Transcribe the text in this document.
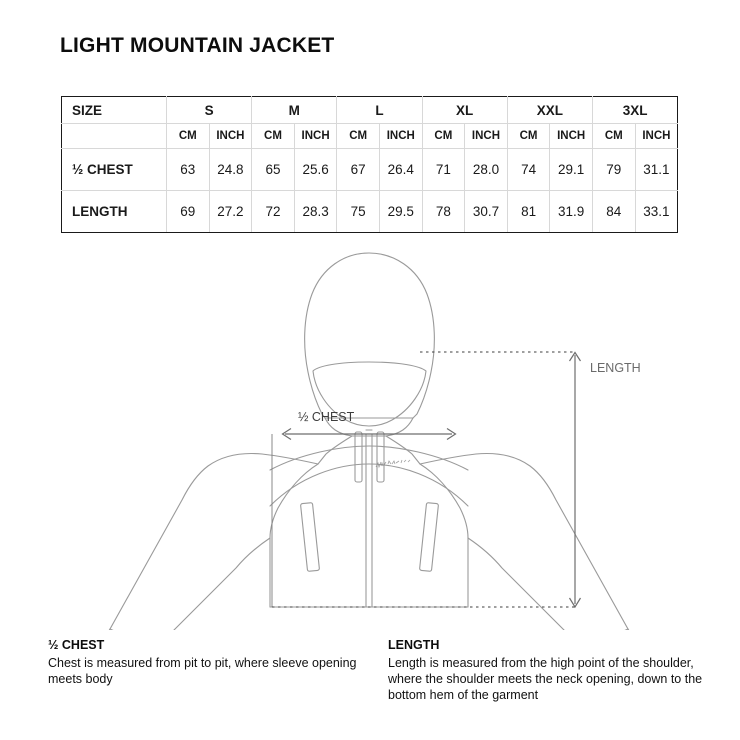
LIGHT MOUNTAIN JACKET
SIZE	S		M		L		XL		XXL		3XL	
	CM	INCH	CM	INCH	CM	INCH	CM	INCH	CM	INCH	CM	INCH
½ CHEST	63	24.8	65	25.6	67	26.4	71	28.0	74	29.1	79	31.1
LENGTH	69	27.2	72	28.3	75	29.5	78	30.7	81	31.9	84	33.1
½ CHEST
LENGTH
½ CHEST
Chest is measured from pit to pit, where sleeve opening meets body
LENGTH
Length is measured from the high point of the shoulder, where the shoulder meets the neck opening, down to the bottom hem of the garment
